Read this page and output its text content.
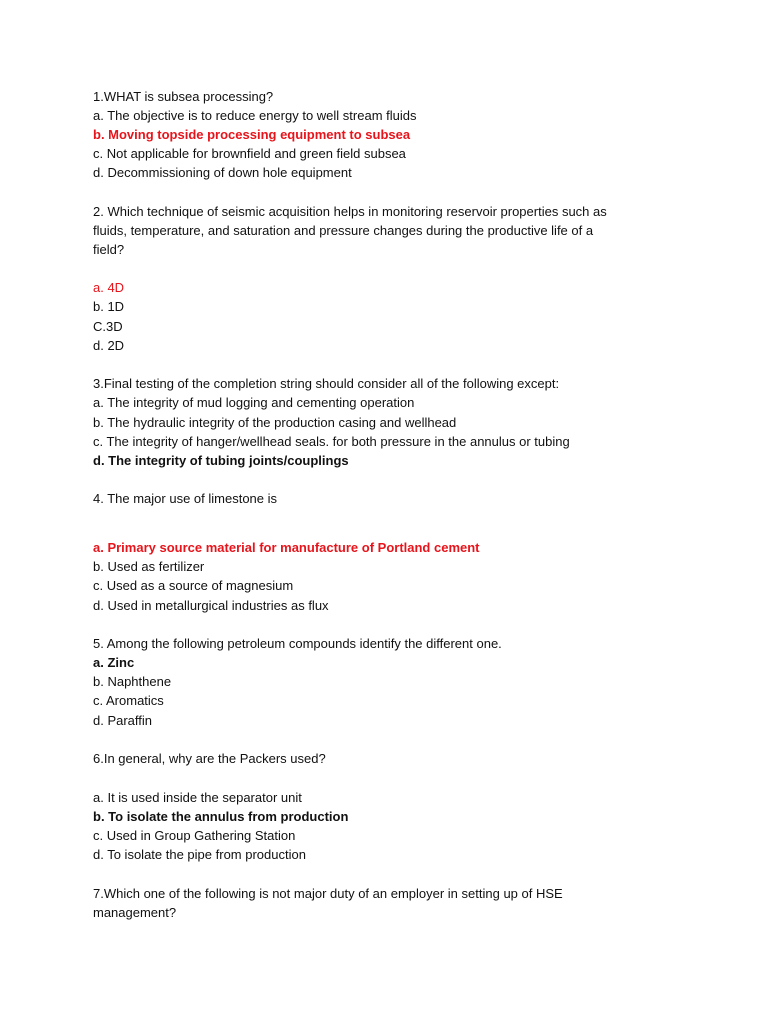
1.WHAT is subsea processing?
a. The objective is to reduce energy to well stream fluids
b. Moving topside processing equipment to subsea
c. Not applicable for brownfield and green field subsea
d. Decommissioning of down hole equipment
2. Which technique of seismic acquisition helps in monitoring reservoir properties such as
fluids, temperature, and saturation and pressure changes during the productive life of a
field?
a. 4D
b. 1D
C.3D
d. 2D
3.Final testing of the completion string should consider all of the following except:
a. The integrity of mud logging and cementing operation
b. The hydraulic integrity of the production casing and wellhead
c. The integrity of hanger/wellhead seals. for both pressure in the annulus or tubing
d. The integrity of tubing joints/couplings
4. The major use of limestone is
a. Primary source material for manufacture of Portland cement
b. Used as fertilizer
c. Used as a source of magnesium
d. Used in metallurgical industries as flux
5. Among the following petroleum compounds identify the different one.
a. Zinc
b. Naphthene
c. Aromatics
d. Paraffin
6.In general, why are the Packers used?
a. It is used inside the separator unit
b. To isolate the annulus from production
c. Used in Group Gathering Station
d. To isolate the pipe from production
7.Which one of the following is not major duty of an employer in setting up of HSE
management?
